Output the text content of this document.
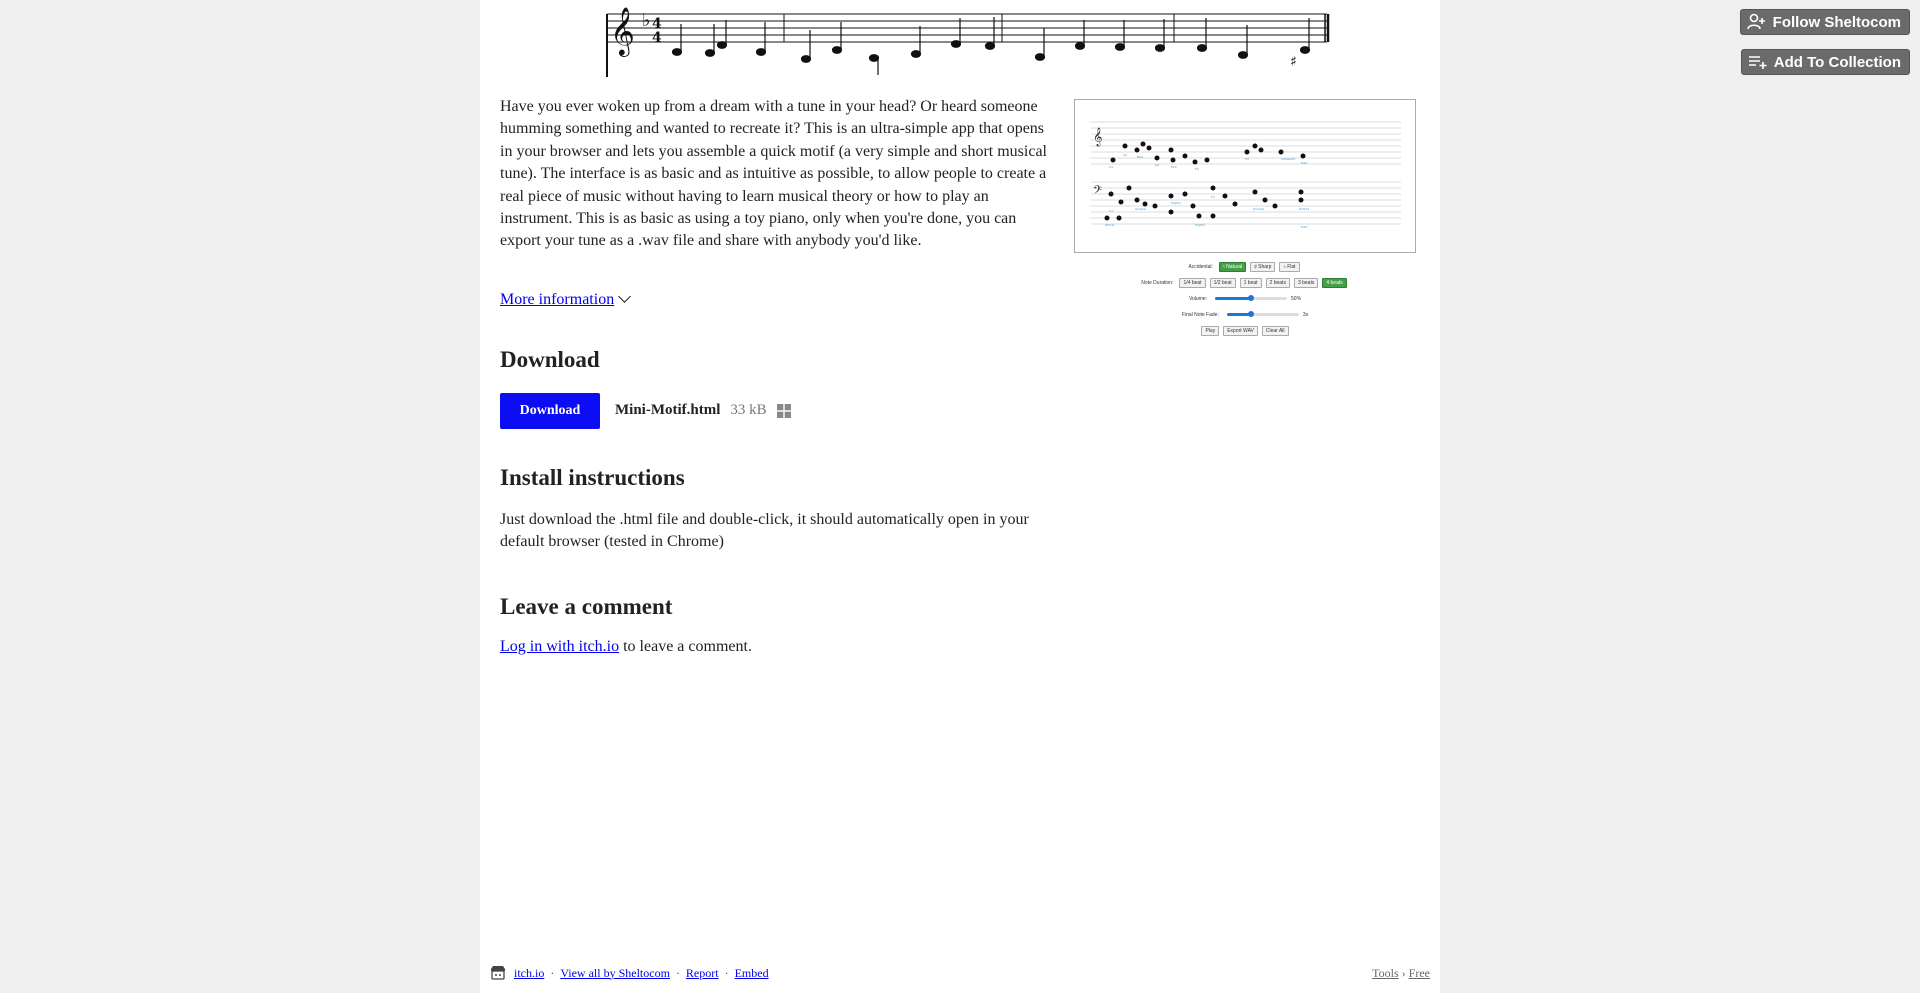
Follow Sheltocom
Add To Collection
𝄞 ♭ 4
4
♯

Have you ever woken up from a dream with a tune in your head? Or heard someone humming something and wanted to recreate it? This is an ultra-simple app that opens in your browser and lets you assemble a quick motif (a very simple and short musical tune). The interface is as basic and as intuitive as possible, to allow people to create a real piece of music without having to learn musical theory or how to play an instrument. This is as basic as using a toy piano, only when you're done, you can export your tune as a .wav file and share with anybody you'd like.

More information
Download
Download	Mini-Motif.html 33 kB
Install instructions
Just download the .html file and double-click, it should automatically open in your default browser (tested in Chrome)
Leave a comment
Log in with itch.io to leave a comment.
𝄞
𝄢
C4
A4	Bb4
G4	Eb4	E4
D5	Sixteenth
Half
C3	Quarter
Eighth
F3
Quarter	Dotted
Whole	Eighth	Half
Accidental:	♮ Natural	♯ Sharp	♭ Flat
Note Duration:	1/4 beat	1/2 beat	1 beat	2 beats	3 beats	4 beats
Volume:	50%
Final Note Fade:	3s
Play	Export WAV	Clear All
itch.io · View all by Sheltocom · Report · Embed	Tools › Free
